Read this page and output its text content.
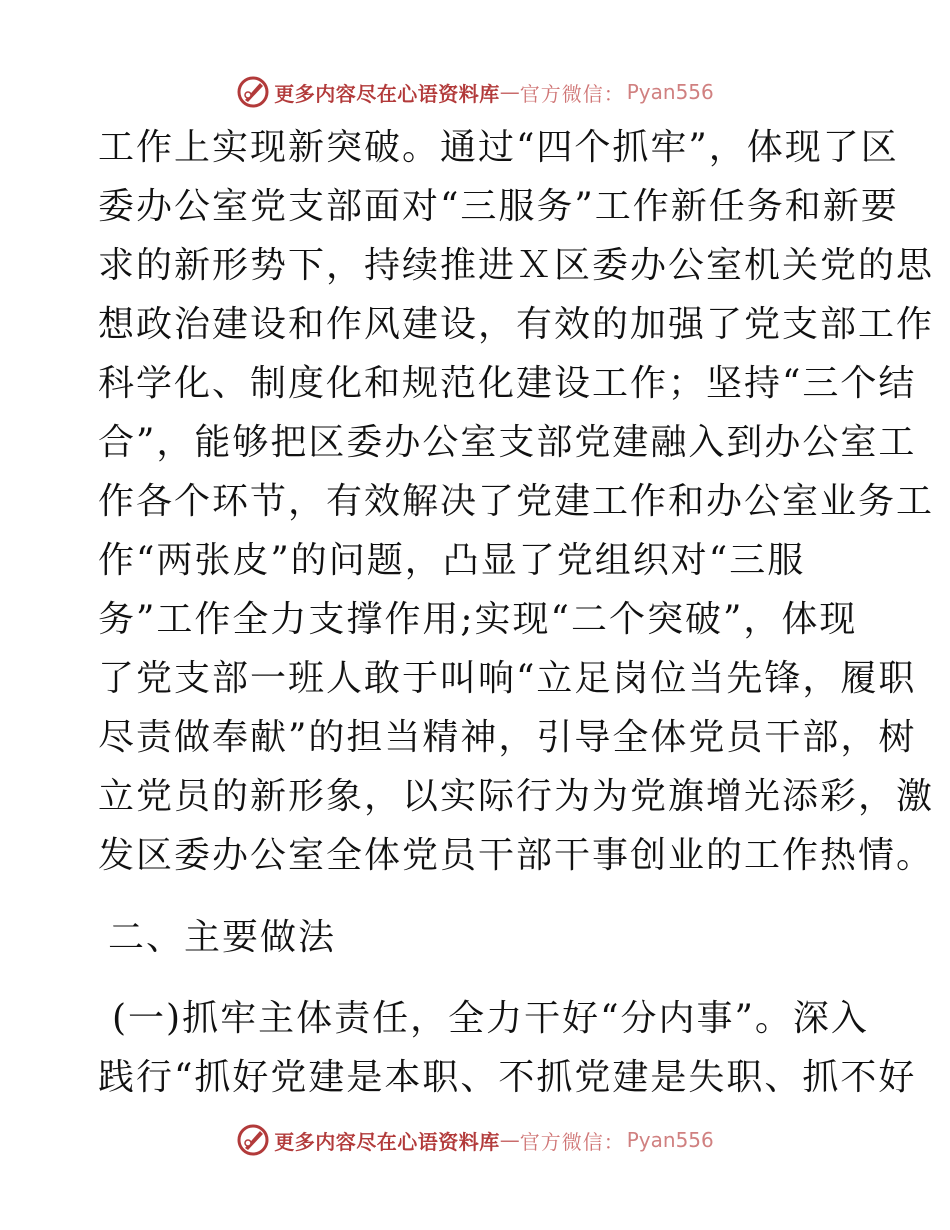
更多内容尽在心语资料库 — 官方微信： Pyan556
工作上实现新突破。通过“四个抓牢”，体现了区
委办公室党支部面对“三服务”工作新任务和新要
求的新形势下，持续推进Ｘ区委办公室机关党的思
想政治建设和作风建设，有效的加强了党支部工作
科学化、制度化和规范化建设工作；坚持“三个结
合”，能够把区委办公室支部党建融入到办公室工
作各个环节，有效解决了党建工作和办公室业务工
作“两张皮”的问题，凸显了党组织对“三服
务”工作全力支撑作用;实现“二个突破”，体现
了党支部一班人敢于叫响“立足岗位当先锋，履职
尽责做奉献”的担当精神，引导全体党员干部，树
立党员的新形象，以实际行为为党旗增光添彩，激
发区委办公室全体党员干部干事创业的工作热情。
二、主要做法
(一)抓牢主体责任，全力干好“分内事”。深入
践行“抓好党建是本职、不抓党建是失职、抓不好
更多内容尽在心语资料库 — 官方微信： Pyan556
